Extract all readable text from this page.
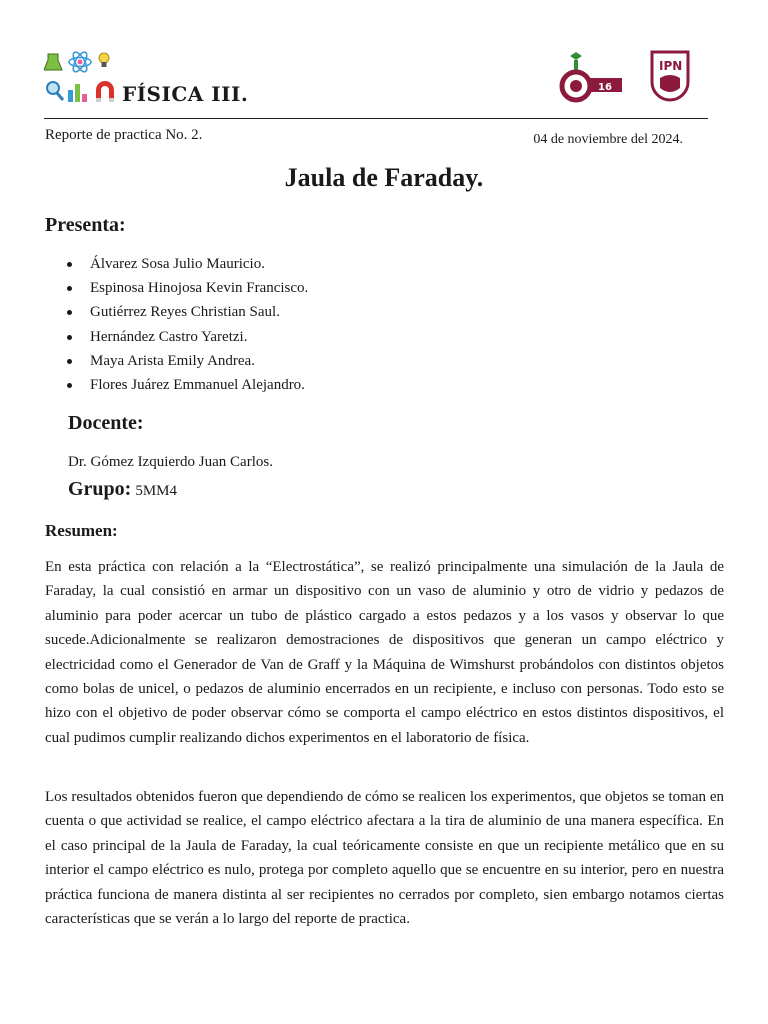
FÍSICA III.	16
IPN
Reporte de practica No. 2.	04 de noviembre del 2024.
Jaula de Faraday.
Presenta:
Álvarez Sosa Julio Mauricio.
Espinosa Hinojosa Kevin Francisco.
Gutiérrez Reyes Christian Saul.
Hernández Castro Yaretzi.
Maya Arista Emily Andrea.
Flores Juárez Emmanuel Alejandro.
Docente:
Dr. Gómez Izquierdo Juan Carlos.
Grupo: 5MM4
Resumen:

En esta práctica con relación a la “Electrostática”, se realizó principalmente una simulación de la Jaula de Faraday, la cual consistió en armar un dispositivo con un vaso de aluminio y otro de vidrio y pedazos de aluminio para poder acercar un tubo de plástico cargado a estos pedazos y a los vasos y observar lo que sucede.Adicionalmente se realizaron demostraciones de dispositivos que generan un campo eléctrico y electricidad como el Generador de Van de Graff y la Máquina de Wimshurst probándolos con distintos objetos como bolas de unicel, o pedazos de aluminio encerrados en un recipiente, e incluso con personas. Todo esto se hizo con el objetivo de poder observar cómo se comporta el campo eléctrico en estos distintos dispositivos, el cual pudimos cumplir realizando dichos experimentos en el laboratorio de física.

Los resultados obtenidos fueron que dependiendo de cómo se realicen los experimentos, que objetos se toman en cuenta o que actividad se realice, el campo eléctrico afectara a la tira de aluminio de una manera específica. En el caso principal de la Jaula de Faraday, la cual teóricamente consiste en que un recipiente metálico que en su interior el campo eléctrico es nulo, protega por completo aquello que se encuentre en su interior, pero en nuestra práctica funciona de manera distinta al ser recipientes no cerrados por completo, sien embargo notamos ciertas características que se verán a lo largo del reporte de practica.
